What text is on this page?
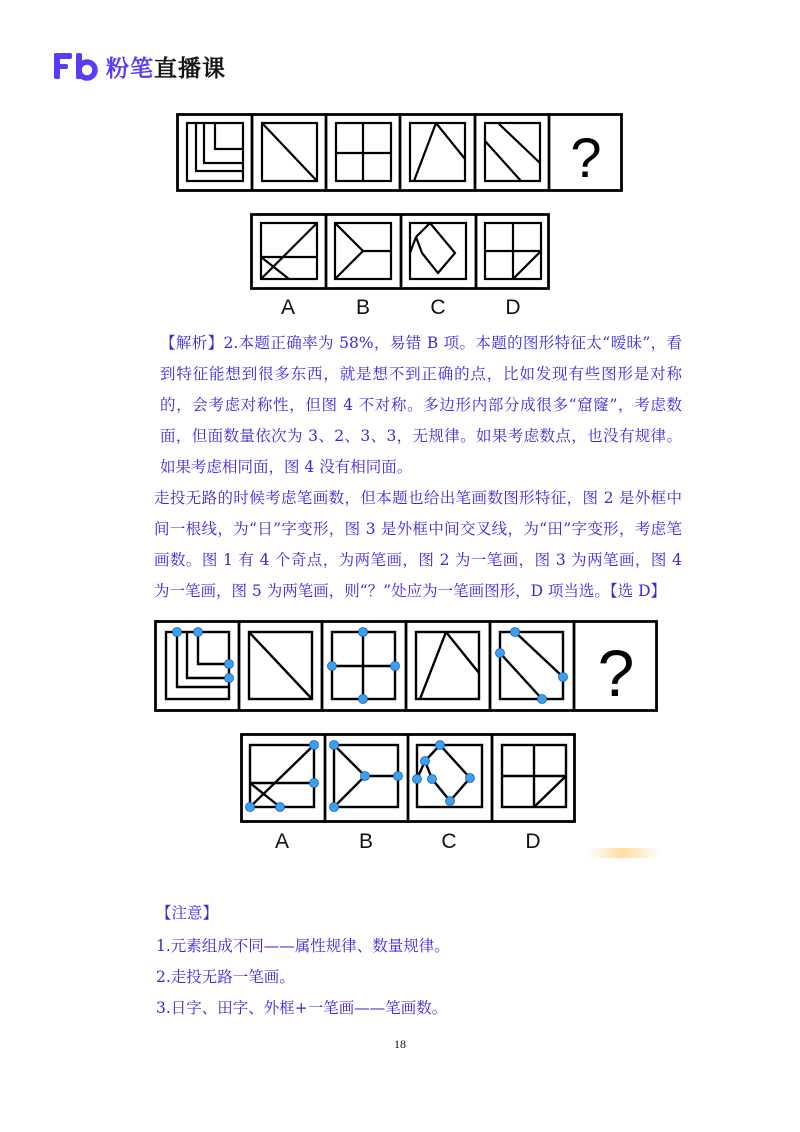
粉笔直播课
?
A	B	C	D

【解析】2.本题正确率为 58%，易错 B 项。本题的图形特征太“暧昧”，看到特征能想到很多东西，就是想不到正确的点，比如发现有些图形是对称的，会考虑对称性，但图 4 不对称。多边形内部分成很多“窟窿”，考虑数面，但面数量依次为 3、2、3、3，无规律。如果考虑数点，也没有规律。如果考虑相同面，图 4 没有相同面。

走投无路的时候考虑笔画数，但本题也给出笔画数图形特征，图 2 是外框中间一根线，为“日”字变形，图 3 是外框中间交叉线，为“田”字变形，考虑笔画数。图 1 有 4 个奇点，为两笔画，图 2 为一笔画，图 3 为两笔画，图 4 为一笔画，图 5 为两笔画，则“？”处应为一笔画图形，D 项当选。【选 D】

?
A	B	C	D
【注意】
1.元素组成不同——属性规律、数量规律。
2.走投无路一笔画。
3.日字、田字、外框+一笔画——笔画数。
18
